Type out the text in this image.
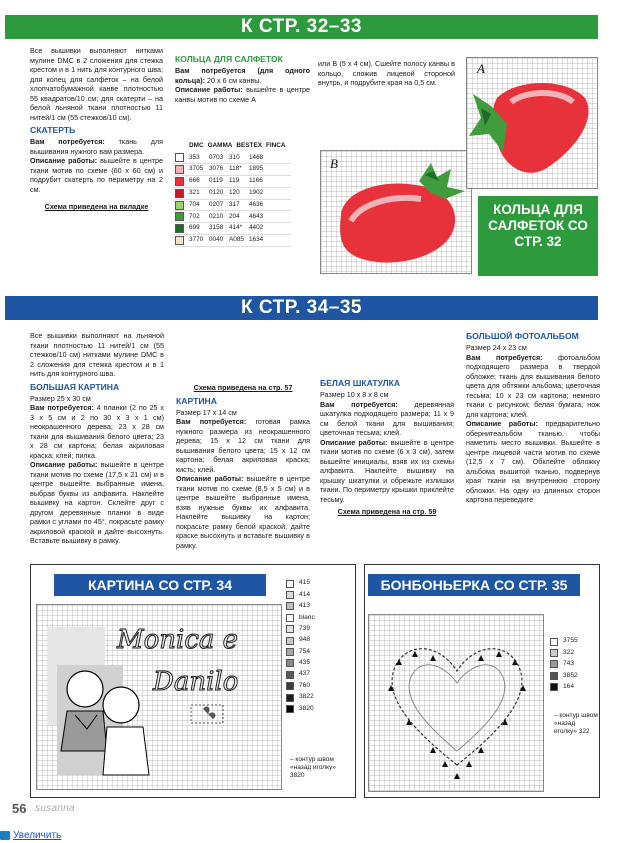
К СТР. 32–33

Все вышивки выполняют нитками мулине DMC в 2 сложения для стежка крестом и в 1 нить для контурного шва; для колец для салфеток – на белой хлопчатобумажной канве плотностью 55 квадратов/10 см; для скатерти – на белой льняной ткани плотностью 11 нитей/1 см (55 стежков/10 см).

СКАТЕРТЬ

Вам потребуется: ткань для вышивания нужного вам размера.

Описание работы: вышейте в центре ткани мотив по схеме (60 х 60 см) и подрубит скатерть по периметру на 2 см.

Схема приведена на вкладке

КОЛЬЦА ДЛЯ САЛФЕТОК

Вам потребуется (для одного кольца): 20 х 6 см канвы.

Описание работы: вышейте в центре канвы мотив по схеме А

или В (5 х 4 см). Сшейте полосу канвы в кольцо, сложив лицевой стороной внутрь, и подрубите края на 0,5 см.

DMC GAMMA BESTEX FINCA
353	0703 310	1468
3705 3076 118*	1895
666	0119 119	1166
321	0120 120	1902
704	0207 317	4636
702	0210 204	4643
699	3158 414*	4402
3770 0040 A085 1634
В
А
КОЛЬЦА ДЛЯ САЛФЕТОК СО СТР. 32
К СТР. 34–35

Все вышивки выполняют на льняной ткани плотностью 11 нитей/1 см (55 стежков/10 см) нитками мулине DMC в 2 сложения для стежка крестом и в 1 нить для контурного шва.

БОЛЬШАЯ КАРТИНА

Размер 25 х 30 см

Вам потребуется: 4 планки (2 по 25 х 3 х 5 см и 2 по 30 х 3 х 1 см) неокрашенного дерева; 23 х 28 см ткани для вышивания белого цвета; 23 х 28 см картона; белая акриловая краска; клей; пилка.

Описание работы: вышейте в центре ткани мотив по схеме (17,5 х 21 см) и в центре вышейте выбранные имена, выбрав буквы из алфавита. Наклейте вышивку на картон. Склейте друг с другом деревянные планки в виде рамки с углами по 45°, покрасьте рамку акриловой краской и дайте высохнуть. Вставьте вышивку в рамку.

Схема приведена на стр. 57

КАРТИНА

Размер 17 х 14 см

Вам потребуется: готовая рамка нужного размера из неокрашенного дерева; 15 х 12 см ткани для вышивания белого цвета; 15 х 12 см картона; белая акриловая краска; кисть; клей.

Описание работы: вышейте в центре ткани мотив по схеме (8,5 х 5 см) и в центре вышейте выбранные имена, взяв нужные буквы их алфавита. Наклейте вышивку на картон; покрасьте рамку белой краской, дайте краске высохнуть и вставьте вышивку в рамку.

БЕЛАЯ ШКАТУЛКА

Размер 10 х 8 х 8 см

Вам потребуется: деревянная шкатулка подходящего размера; 11 х 9 см белой ткани для вышивания; цветочная тесьма; клей.

Описание работы: вышейте в центре ткани мотив по схеме (6 х 3 см), затем вышейте инициалы, взяв их из схемы алфавита. Наклейте вышивку на крышку шкатулки и обрежьте излишки ткани. По периметру крышки приклейте тесьму.

Схема приведена на стр. 59

БОЛЬШОЙ ФОТОАЛЬБОМ

Размер 24 х 23 см

Вам потребуется: фотоальбом подходящего размера в твердой обложке; ткань для вышивания белого цвета для обтяжки альбома; цветочная тесьма; 10 х 23 см картона; немного ткани с рисунком; белая бумага; нож для картона; клей.

Описание работы: предварительно обернитеальбом тканью, чтобы наметить место вышивки. Вышейте в центре лицевой части мотив по схеме (12,5 х 7 см). Обклейте обложку альбома вышитой тканью, подвернув края ткани на внутреннюю сторону обложки. На одну из длинных сторон картона переведите

КАРТИНА СО СТР. 34
Monica e
Danilo
415
414
413
blanc
739
948
754
435
437
760
3822
3820
– контур швом «назад иголку» 3820
БОНБОНЬЕРКА СО СТР. 35
3755
322
743
3852
164
– контур швом «назад иголку» 322
56 susanna
Увеличить
